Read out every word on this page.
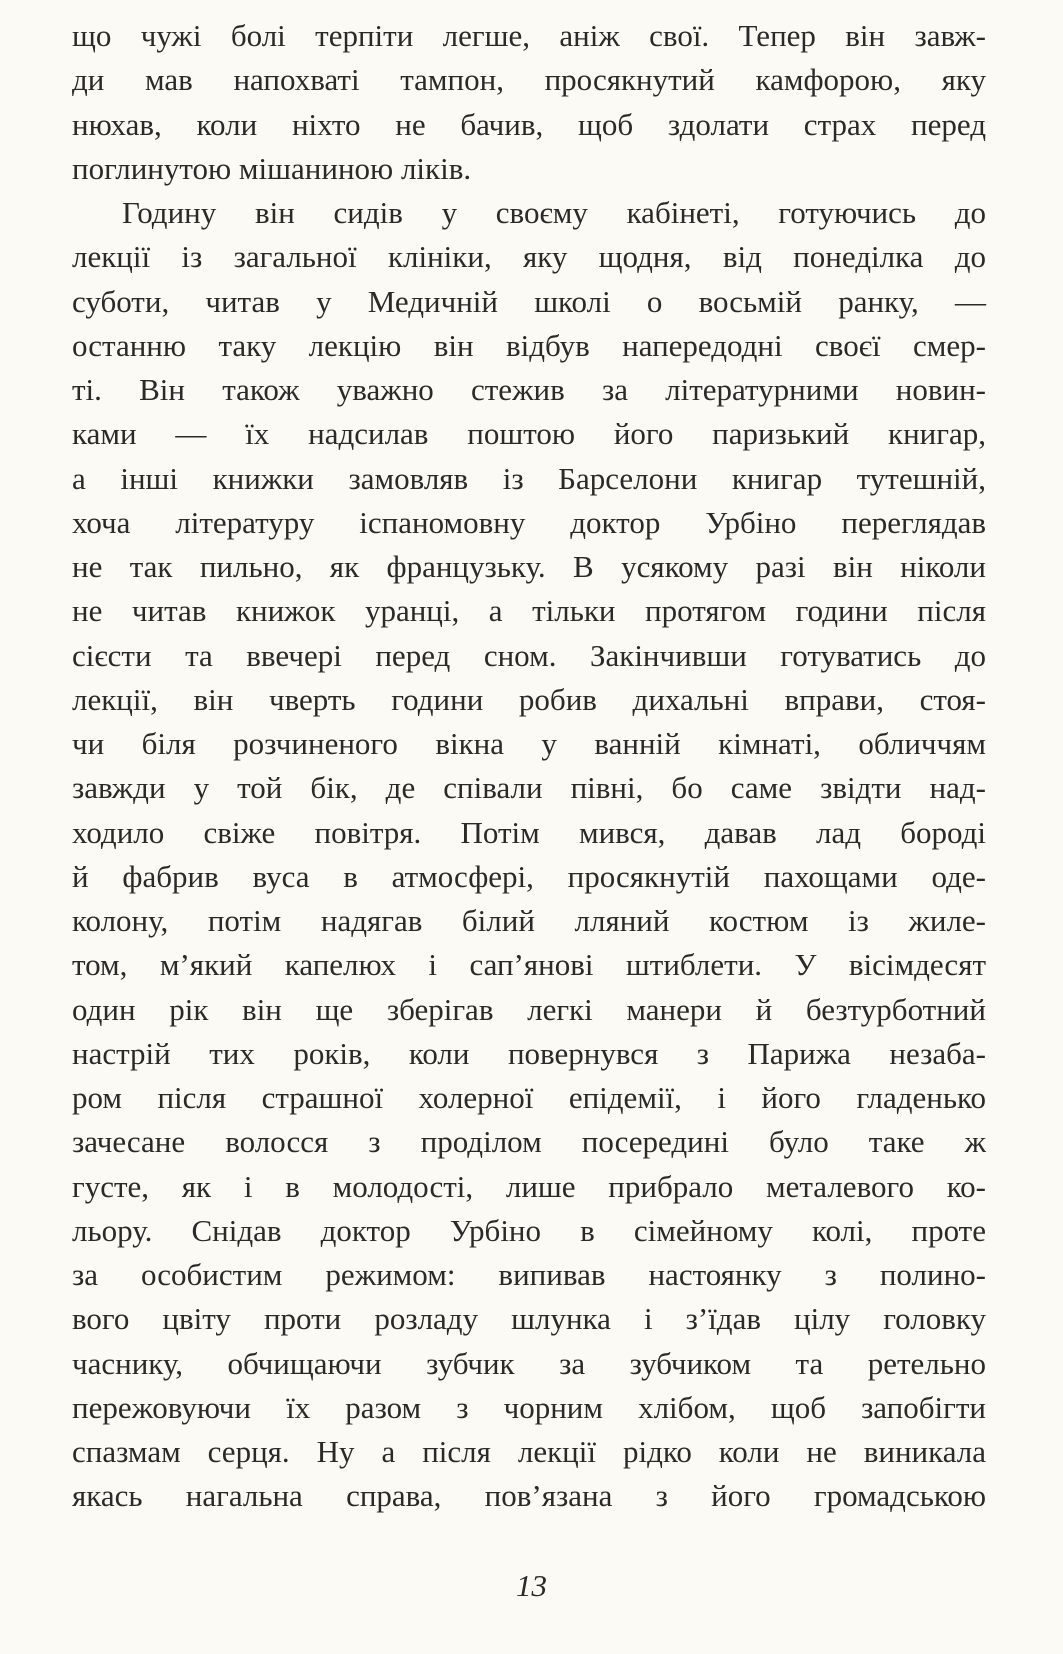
що чужі болі терпіти легше, аніж свої. Тепер він завж-
ди мав напохваті тампон, просякнутий камфорою, яку
нюхав, коли ніхто не бачив, щоб здолати страх перед
поглинутою мішаниною ліків.
Годину він сидів у своєму кабінеті, готуючись до
лекції із загальної клініки, яку щодня, від понеділка до
суботи, читав у Медичній школі о восьмій ранку, —
останню таку лекцію він відбув напередодні своєї смер-
ті. Він також уважно стежив за літературними новин-
ками — їх надсилав поштою його паризький книгар,
а інші книжки замовляв із Барселони книгар тутешній,
хоча літературу іспаномовну доктор Урбіно переглядав
не так пильно, як французьку. В усякому разі він ніколи
не читав книжок уранці, а тільки протягом години після
сієсти та ввечері перед сном. Закінчивши готуватись до
лекції, він чверть години робив дихальні вправи, стоя-
чи біля розчиненого вікна у ванній кімнаті, обличчям
завжди у той бік, де співали півні, бо саме звідти над-
ходило свіже повітря. Потім мився, давав лад бороді
й фабрив вуса в атмосфері, просякнутій пахощами оде-
колону, потім надягав білий лляний костюм із жиле-
том, м’який капелюх і сап’янові штиблети. У вісімдесят
один рік він ще зберігав легкі манери й безтурботний
настрій тих років, коли повернувся з Парижа незаба-
ром після страшної холерної епідемії, і його гладенько
зачесане волосся з проділом посередині було таке ж
густе, як і в молодості, лише прибрало металевого ко-
льору. Снідав доктор Урбіно в сімейному колі, проте
за особистим режимом: випивав настоянку з полино-
вого цвіту проти розладу шлунка і з’їдав цілу головку
часнику, обчищаючи зубчик за зубчиком та ретельно
пережовуючи їх разом з чорним хлібом, щоб запобігти
спазмам серця. Ну а після лекції рідко коли не виникала
якась нагальна справа, пов’язана з його громадською
13
